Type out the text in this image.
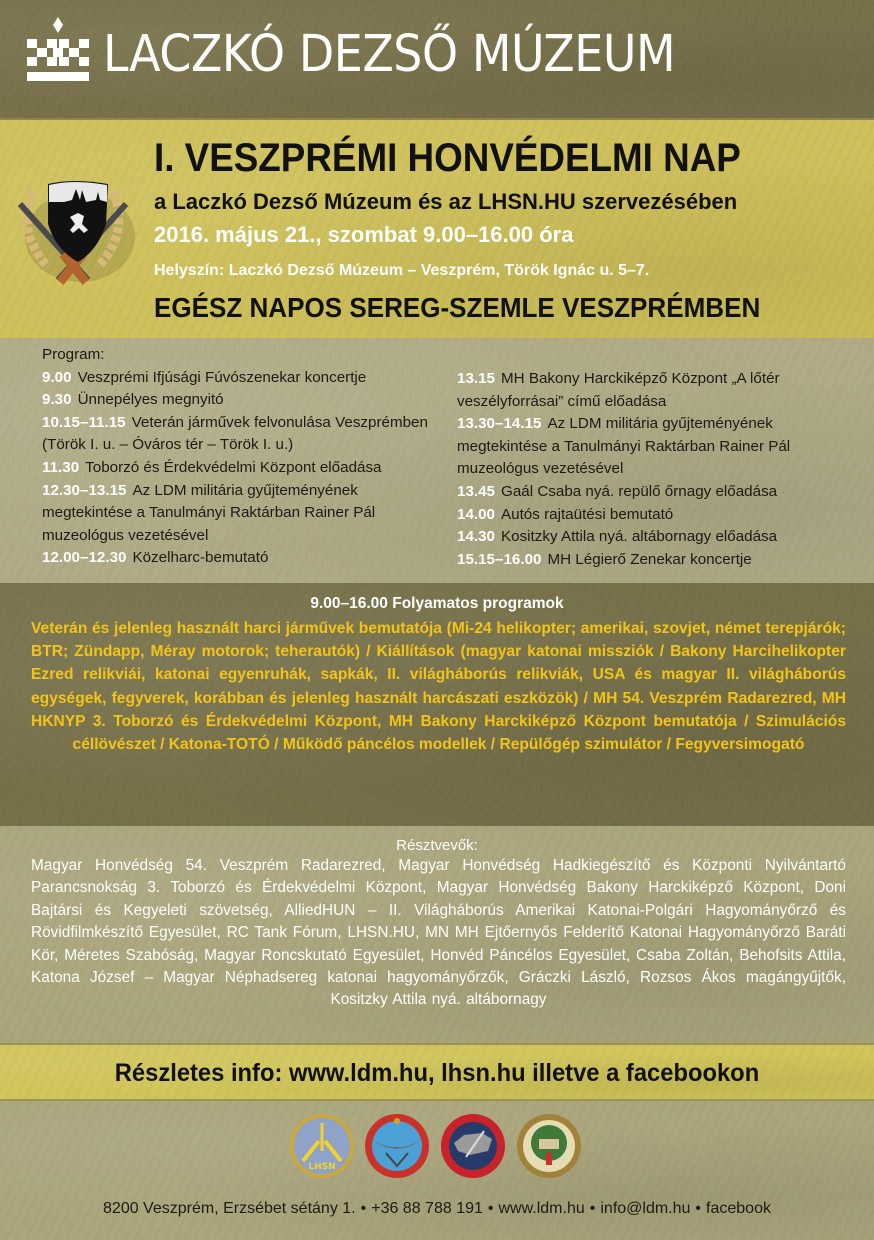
LACZKÓ DEZSŐ MÚZEUM
I. VESZPRÉMI HONVÉDELMI NAP
a Laczkó Dezső Múzeum és az LHSN.HU szervezésében
2016. május 21., szombat 9.00–16.00 óra
Helyszín: Laczkó Dezső Múzeum – Veszprém, Török Ignác u. 5–7.
EGÉSZ NAPOS SEREG-SZEMLE VESZPRÉMBEN
Program:
9.00 Veszprémi Ifjúsági Fúvószenekar koncertje
9.30 Ünnepélyes megnyitó
10.15–11.15 Veterán járművek felvonulása Veszprémben (Török I. u. – Óváros tér – Török I. u.)
11.30 Toborzó és Érdekvédelmi Központ előadása
12.30–13.15 Az LDM militária gyűjteményének megtekintése a Tanulmányi Raktárban Rainer Pál muzeológus vezetésével
12.00–12.30 Közelharc-bemutató
13.15 MH Bakony Harckiképző Központ „A lőtér veszélyforrásai” című előadása
13.30–14.15 Az LDM militária gyűjteményének megtekintése a Tanulmányi Raktárban Rainer Pál muzeológus vezetésével
13.45 Gaál Csaba nyá. repülő őrnagy előadása
14.00 Autós rajtaütési bemutató
14.30 Kositzky Attila nyá. altábornagy előadása
15.15–16.00 MH Légierő Zenekar koncertje
9.00–16.00 Folyamatos programok
Veterán és jelenleg használt harci járművek bemutatója (Mi-24 helikopter; amerikai, szovjet, német terepjárók; BTR; Zündapp, Méray motorok; teherautók) / Kiállítások (magyar katonai missziók / Bakony Harcihelikopter Ezred relikviái, katonai egyenruhák, sapkák, II. világháborús relikviák, USA és magyar II. világháborús egységek, fegyverek, korábban és jelenleg használt harcászati eszközök) / MH 54. Veszprém Radarezred, MH HKNYP 3. Toborzó és Érdekvédelmi Központ, MH Bakony Harckiképző Központ bemutatója / Szimulációs céllövészet / Katona-TOTÓ / Működő páncélos modellek / Repülőgép szimulátor / Fegyversimogató
Résztvevők:
Magyar Honvédség 54. Veszprém Radarezred, Magyar Honvédség Hadkiegészítő és Központi Nyilvántartó Parancsnokság 3. Toborzó és Érdekvédelmi Központ, Magyar Honvédség Bakony Harckiképző Központ, Doni Bajtársi és Kegyeleti szövetség, AlliedHUN – II. Világháborús Amerikai Katonai-Polgári Hagyományőrző és Rövidfilmkészítő Egyesület, RC Tank Fórum, LHSN.HU, MN MH Ejtőernyős Felderítő Katonai Hagyományőrző Baráti Kör, Méretes Szabóság, Magyar Roncskutató Egyesület, Honvéd Páncélos Egyesület, Csaba Zoltán, Behofsits Attila, Katona József – Magyar Néphadsereg katonai hagyományőrzők, Gráczki László, Rozsos Ákos magángyűjtők, Kositzky Attila nyá. altábornagy
Részletes info: www.ldm.hu, lhsn.hu illetve a facebookon
LHSN
8200 Veszprém, Erzsébet sétány 1. • +36 88 788 191 • www.ldm.hu • info@ldm.hu • facebook
